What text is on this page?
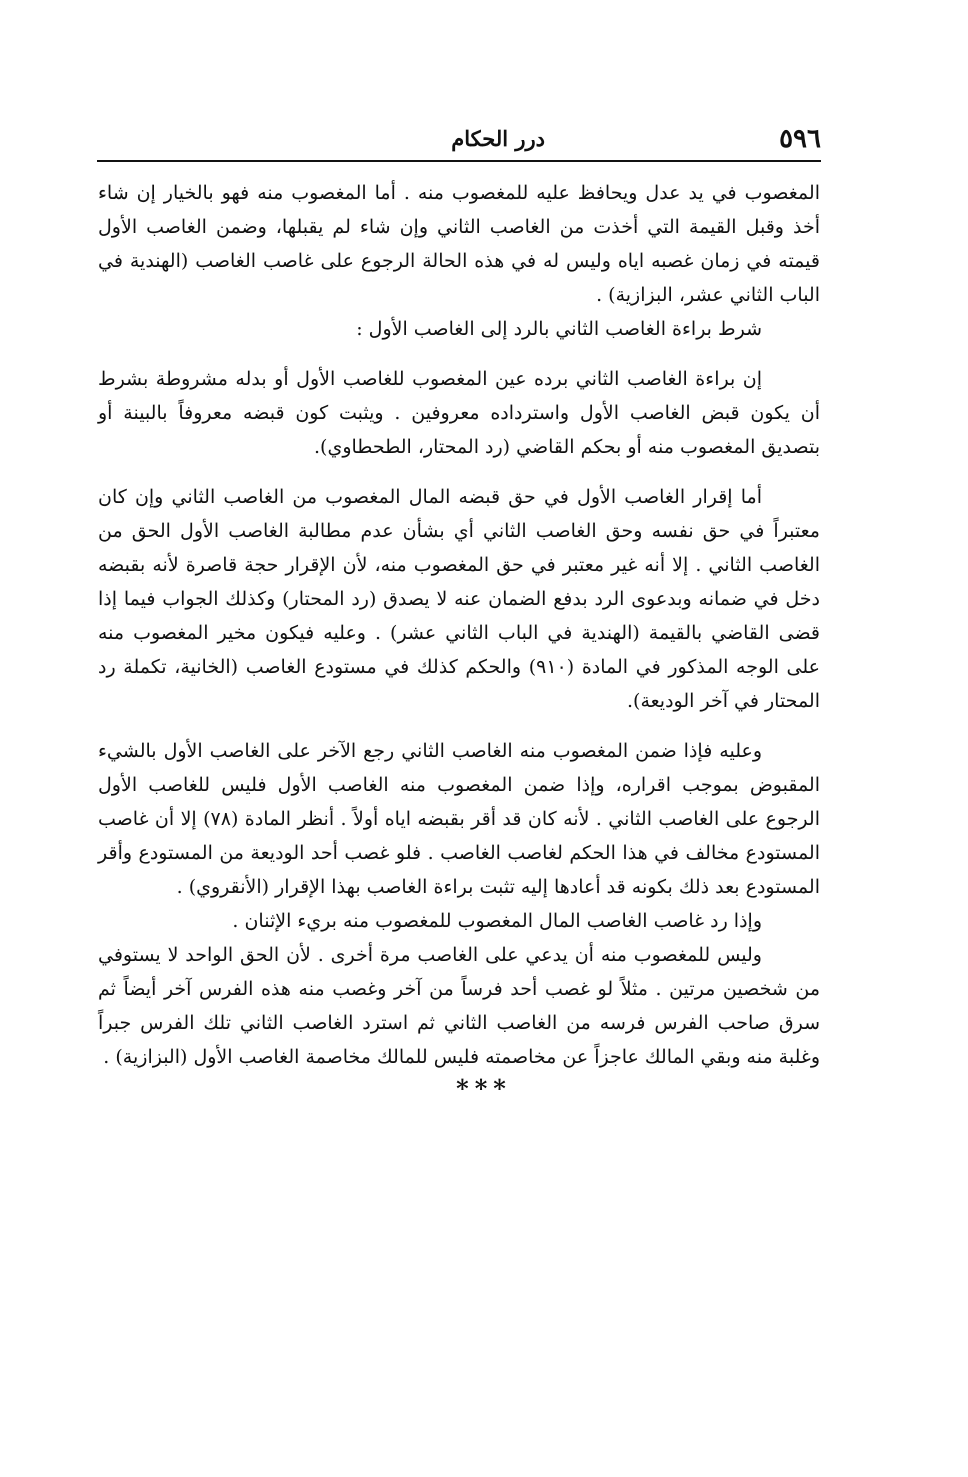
٥٩٦
درر الحكام

المغصوب في يد عدل ويحافظ عليه للمغصوب منه . أما المغصوب منه فهو بالخيار إن شاء أخذ وقبل القيمة التي أخذت من الغاصب الثاني وإن شاء لم يقبلها، وضمن الغاصب الأول قيمته في زمان غصبه اياه وليس له في هذه الحالة الرجوع على غاصب الغاصب (الهندية في الباب الثاني عشر، البزازية) .

شرط براءة الغاصب الثاني بالرد إلى الغاصب الأول :

إن براءة الغاصب الثاني برده عين المغصوب للغاصب الأول أو بدله مشروطة بشرط أن يكون قبض الغاصب الأول واسترداده معروفين . ويثبت كون قبضه معروفاً بالبينة أو بتصديق المغصوب منه أو بحكم القاضي (رد المحتار، الطحطاوي).

أما إقرار الغاصب الأول في حق قبضه المال المغصوب من الغاصب الثاني وإن كان معتبراً في حق نفسه وحق الغاصب الثاني أي بشأن عدم مطالبة الغاصب الأول الحق من الغاصب الثاني . إلا أنه غير معتبر في حق المغصوب منه، لأن الإقرار حجة قاصرة لأنه بقبضه دخل في ضمانه وبدعوى الرد بدفع الضمان عنه لا يصدق (رد المحتار) وكذلك الجواب فيما إذا قضى القاضي بالقيمة (الهندية في الباب الثاني عشر) . وعليه فيكون مخير المغصوب منه على الوجه المذكور في المادة (٩١٠) والحكم كذلك في مستودع الغاصب (الخانية، تكملة رد المحتار في آخر الوديعة).

وعليه فإذا ضمن المغصوب منه الغاصب الثاني رجع الآخر على الغاصب الأول بالشيء المقبوض بموجب اقراره، وإذا ضمن المغصوب منه الغاصب الأول فليس للغاصب الأول الرجوع على الغاصب الثاني . لأنه كان قد أقر بقبضه اياه أولاً . أنظر المادة (٧٨) إلا أن غاصب المستودع مخالف في هذا الحكم لغاصب الغاصب . فلو غصب أحد الوديعة من المستودع وأقر المستودع بعد ذلك بكونه قد أعادها إليه تثبت براءة الغاصب بهذا الإقرار (الأنقروي) .

وإذا رد غاصب الغاصب المال المغصوب للمغصوب منه بريء الإثنان .

وليس للمغصوب منه أن يدعي على الغاصب مرة أخرى . لأن الحق الواحد لا يستوفي من شخصين مرتين . مثلاً لو غصب أحد فرساً من آخر وغصب منه هذه الفرس آخر أيضاً ثم سرق صاحب الفرس فرسه من الغاصب الثاني ثم استرد الغاصب الثاني تلك الفرس جبراً وغلبة منه وبقي المالك عاجزاً عن مخاصمته فليس للمالك مخاصمة الغاصب الأول (البزازية) .

***
